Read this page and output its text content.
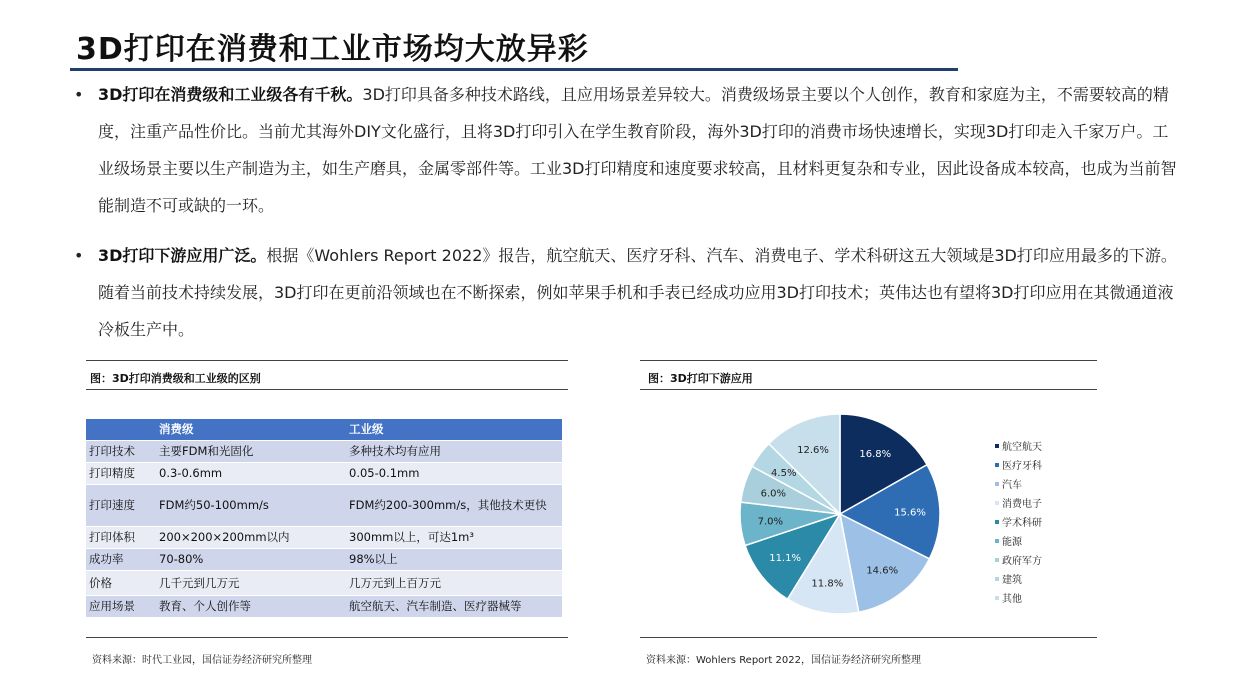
3D打印在消费和工业市场均大放异彩
• 3D打印在消费级和工业级各有千秋。3D打印具备多种技术路线，且应用场景差异较大。消费级场景主要以个人创作，教育和家庭为主，不需要较高的精度，注重产品性价比。当前尤其海外DIY文化盛行，且将3D打印引入在学生教育阶段，海外3D打印的消费市场快速增长，实现3D打印走入千家万户。工业级场景主要以生产制造为主，如生产磨具，金属零部件等。工业3D打印精度和速度要求较高，且材料更复杂和专业，因此设备成本较高，也成为当前智能制造不可或缺的一环。
• 3D打印下游应用广泛。根据《Wohlers Report 2022》报告，航空航天、医疗牙科、汽车、消费电子、学术科研这五大领域是3D打印应用最多的下游。随着当前技术持续发展，3D打印在更前沿领域也在不断探索，例如苹果手机和手表已经成功应用3D打印技术；英伟达也有望将3D打印应用在其微通道液冷板生产中。
图：3D打印消费级和工业级的区别
	消费级	工业级
打印技术	主要FDM和光固化	多种技术均有应用
打印精度	0.3-0.6mm	0.05-0.1mm
打印速度	FDM约50-100mm/s	FDM约200-300mm/s，其他技术更快
打印体积	200×200×200mm以内	300mm以上，可达1m³
成功率	70-80%	98%以上
价格	几千元到几万元	几万元到上百万元
应用场景	教育、个人创作等	航空航天、汽车制造、医疗器械等
资料来源：时代工业园，国信证券经济研究所整理
图：3D打印下游应用
16.8%
15.6%
14.6%
11.8%
11.1%
7.0%
6.0%
4.5%
12.6%	航空航天
医疗牙科
汽车
消费电子
学术科研
能源
政府军方
建筑
其他
资料来源：Wohlers Report 2022，国信证券经济研究所整理
